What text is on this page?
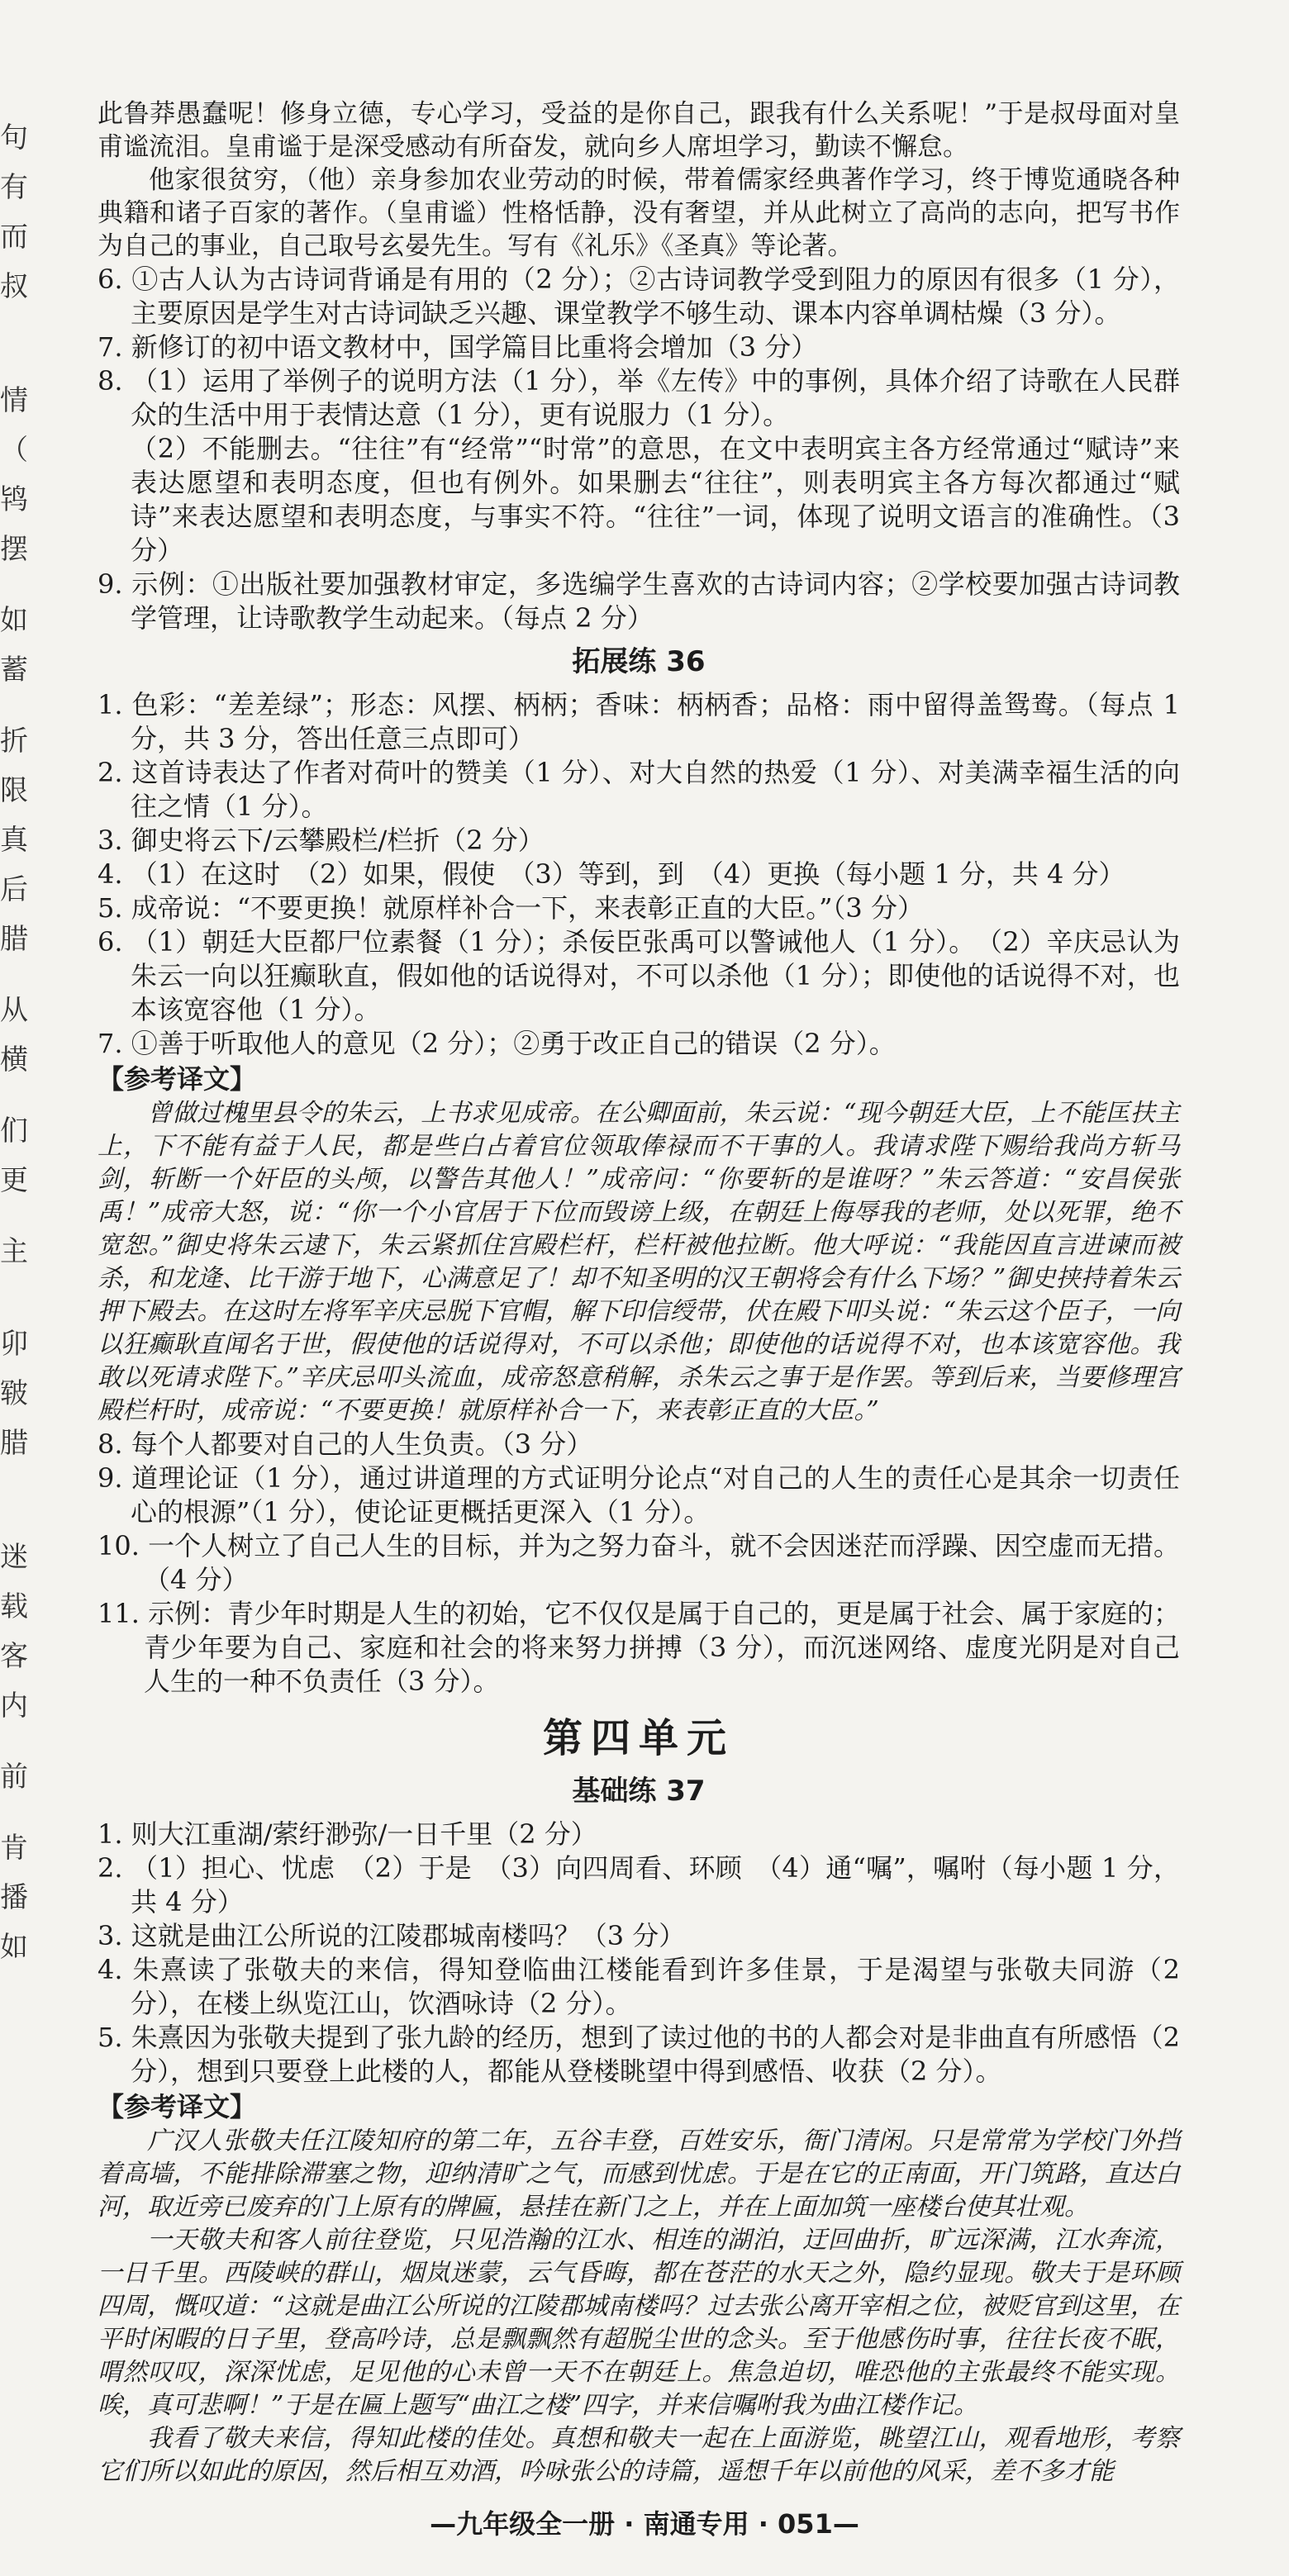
句
有
而
叔
情
（
鸨
摆
如
蓄
折
限
真
后
腊
从
横
们
更
主
卯
皲
腊
迷
载
客
内
前
肯
播
如

此鲁莽愚蠢呢！修身立德，专心学习，受益的是你自己，跟我有什么关系呢！”于是叔母面对皇甫谧流泪。皇甫谧于是深受感动有所奋发，就向乡人席坦学习，勤读不懈怠。

他家很贫穷，（他）亲身参加农业劳动的时候，带着儒家经典著作学习，终于博览通晓各种典籍和诸子百家的著作。（皇甫谧）性格恬静，没有奢望，并从此树立了高尚的志向，把写书作为自己的事业，自己取号玄晏先生。写有《礼乐》《圣真》等论著。

6. ①古人认为古诗词背诵是有用的（2 分）；②古诗词教学受到阻力的原因有很多（1 分），主要原因是学生对古诗词缺乏兴趣、课堂教学不够生动、课本内容单调枯燥（3 分）。

7. 新修订的初中语文教材中，国学篇目比重将会增加（3 分）

8. （1）运用了举例子的说明方法（1 分），举《左传》中的事例，具体介绍了诗歌在人民群众的生活中用于表情达意（1 分），更有说服力（1 分）。

（2）不能删去。“往往”有“经常”“时常”的意思，在文中表明宾主各方经常通过“赋诗”来表达愿望和表明态度，但也有例外。如果删去“往往”，则表明宾主各方每次都通过“赋诗”来表达愿望和表明态度，与事实不符。“往往”一词，体现了说明文语言的准确性。（3 分）

9. 示例：①出版社要加强教材审定，多选编学生喜欢的古诗词内容；②学校要加强古诗词教学管理，让诗歌教学生动起来。（每点 2 分）

拓展练 36

1. 色彩：“差差绿”；形态：风摆、柄柄；香味：柄柄香；品格：雨中留得盖鸳鸯。（每点 1 分，共 3 分，答出任意三点即可）

2. 这首诗表达了作者对荷叶的赞美（1 分）、对大自然的热爱（1 分）、对美满幸福生活的向往之情（1 分）。

3. 御史将云下/云攀殿栏/栏折（2 分）

4. （1）在这时　（2）如果，假使　（3）等到，到　（4）更换（每小题 1 分，共 4 分）

5. 成帝说：“不要更换！就原样补合一下，来表彰正直的大臣。”（3 分）

6. （1）朝廷大臣都尸位素餐（1 分）；杀佞臣张禹可以警诫他人（1 分）。　（2）辛庆忌认为朱云一向以狂癫耿直，假如他的话说得对，不可以杀他（1 分）；即使他的话说得不对，也本该宽容他（1 分）。

7. ①善于听取他人的意见（2 分）；②勇于改正自己的错误（2 分）。

【参考译文】

曾做过槐里县令的朱云，上书求见成帝。在公卿面前，朱云说：“现今朝廷大臣，上不能匡扶主上，下不能有益于人民，都是些白占着官位领取俸禄而不干事的人。我请求陛下赐给我尚方斩马剑，斩断一个奸臣的头颅，以警告其他人！”成帝问：“你要斩的是谁呀？”朱云答道：“安昌侯张禹！”成帝大怒，说：“你一个小官居于下位而毁谤上级，在朝廷上侮辱我的老师，处以死罪，绝不宽恕。”御史将朱云逮下，朱云紧抓住宫殿栏杆，栏杆被他拉断。他大呼说：“我能因直言进谏而被杀，和龙逄、比干游于地下，心满意足了！却不知圣明的汉王朝将会有什么下场？”御史挟持着朱云押下殿去。在这时左将军辛庆忌脱下官帽，解下印信绶带，伏在殿下叩头说：“朱云这个臣子，一向以狂癫耿直闻名于世，假使他的话说得对，不可以杀他；即使他的话说得不对，也本该宽容他。我敢以死请求陛下。”辛庆忌叩头流血，成帝怒意稍解，杀朱云之事于是作罢。等到后来，当要修理宫殿栏杆时，成帝说：“不要更换！就原样补合一下，来表彰正直的大臣。”

8. 每个人都要对自己的人生负责。（3 分）

9. 道理论证（1 分），通过讲道理的方式证明分论点“对自己的人生的责任心是其余一切责任心的根源”（1 分），使论证更概括更深入（1 分）。

10. 一个人树立了自己人生的目标，并为之努力奋斗，就不会因迷茫而浮躁、因空虚而无措。（4 分）

11. 示例：青少年时期是人生的初始，它不仅仅是属于自己的，更是属于社会、属于家庭的；青少年要为自己、家庭和社会的将来努力拼搏（3 分），而沉迷网络、虚度光阴是对自己人生的一种不负责任（3 分）。

第四单元
基础练 37

1. 则大江重湖/萦纡渺弥/一日千里（2 分）

2. （1）担心、忧虑　（2）于是　（3）向四周看、环顾　（4）通“嘱”，嘱咐（每小题 1 分，共 4 分）

3. 这就是曲江公所说的江陵郡城南楼吗？（3 分）

4. 朱熹读了张敬夫的来信，得知登临曲江楼能看到许多佳景，于是渴望与张敬夫同游（2 分），在楼上纵览江山，饮酒咏诗（2 分）。

5. 朱熹因为张敬夫提到了张九龄的经历，想到了读过他的书的人都会对是非曲直有所感悟（2 分），想到只要登上此楼的人，都能从登楼眺望中得到感悟、收获（2 分）。

【参考译文】

广汉人张敬夫任江陵知府的第二年，五谷丰登，百姓安乐，衙门清闲。只是常常为学校门外挡着高墙，不能排除滞塞之物，迎纳清旷之气，而感到忧虑。于是在它的正南面，开门筑路，直达白河，取近旁已废弃的门上原有的牌匾，悬挂在新门之上，并在上面加筑一座楼台使其壮观。

一天敬夫和客人前往登览，只见浩瀚的江水、相连的湖泊，迂回曲折，旷远深满，江水奔流，一日千里。西陵峡的群山，烟岚迷蒙，云气昏晦，都在苍茫的水天之外，隐约显现。敬夫于是环顾四周，慨叹道：“这就是曲江公所说的江陵郡城南楼吗？过去张公离开宰相之位，被贬官到这里，在平时闲暇的日子里，登高吟诗，总是飘飘然有超脱尘世的念头。至于他感伤时事，往往长夜不眠，喟然叹叹，深深忧虑，足见他的心未曾一天不在朝廷上。焦急迫切，唯恐他的主张最终不能实现。唉，真可悲啊！”于是在匾上题写“曲江之楼”四字，并来信嘱咐我为曲江楼作记。

我看了敬夫来信，得知此楼的佳处。真想和敬夫一起在上面游览，眺望江山，观看地形，考察它们所以如此的原因，然后相互劝酒，吟咏张公的诗篇，遥想千年以前他的风采，差不多才能

—九年级全一册 · 南通专用 · 051—
